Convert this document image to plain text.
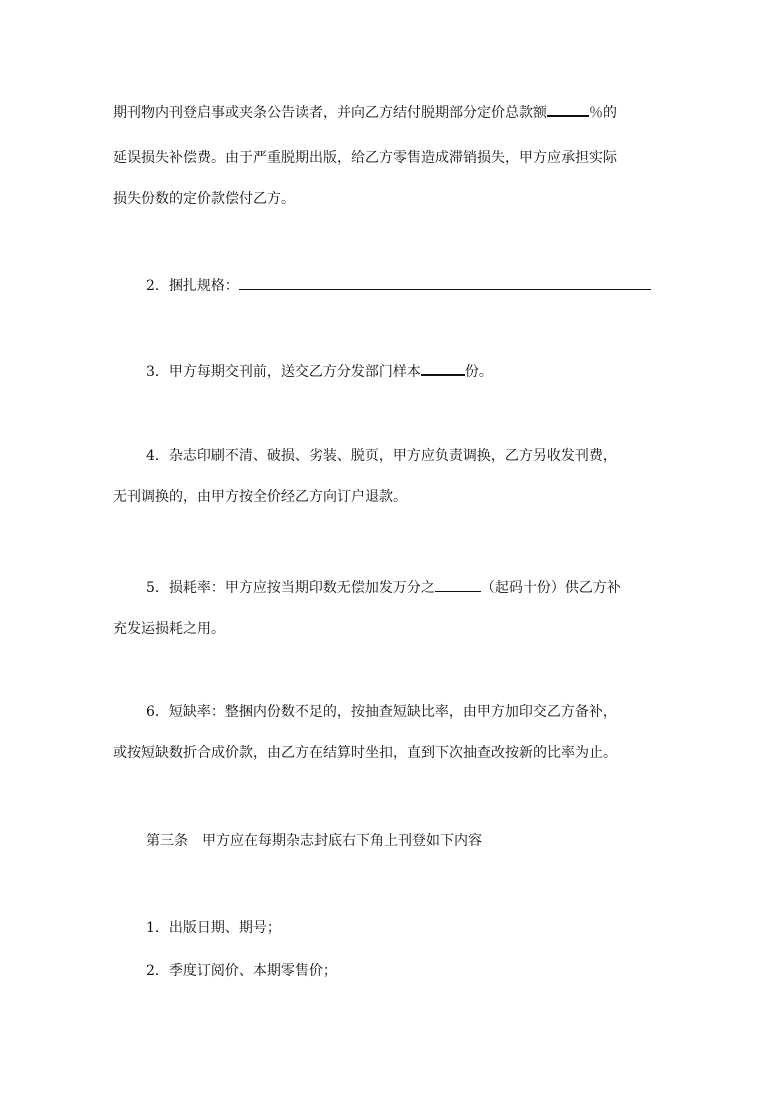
期刊物内刊登启事或夹条公告读者，并向乙方结付脱期部分定价总款额	％的
延误损失补偿费。由于严重脱期出版，给乙方零售造成滞销损失，甲方应承担实际
损失份数的定价款偿付乙方。
2．捆扎规格：
3．甲方每期交刊前，送交乙方分发部门样本	份。
4．杂志印刷不清、破损、劣装、脱页，甲方应负责调换，乙方另收发刊费，
无刊调换的，由甲方按全价经乙方向订户退款。
5．损耗率：甲方应按当期印数无偿加发万分之	（起码十份）供乙方补
充发运损耗之用。
6．短缺率：整捆内份数不足的，按抽查短缺比率，由甲方加印交乙方备补，
或按短缺数折合成价款，由乙方在结算时坐扣，直到下次抽查改按新的比率为止。
第三条　甲方应在每期杂志封底右下角上刊登如下内容
1．出版日期、期号；
2．季度订阅价、本期零售价；
